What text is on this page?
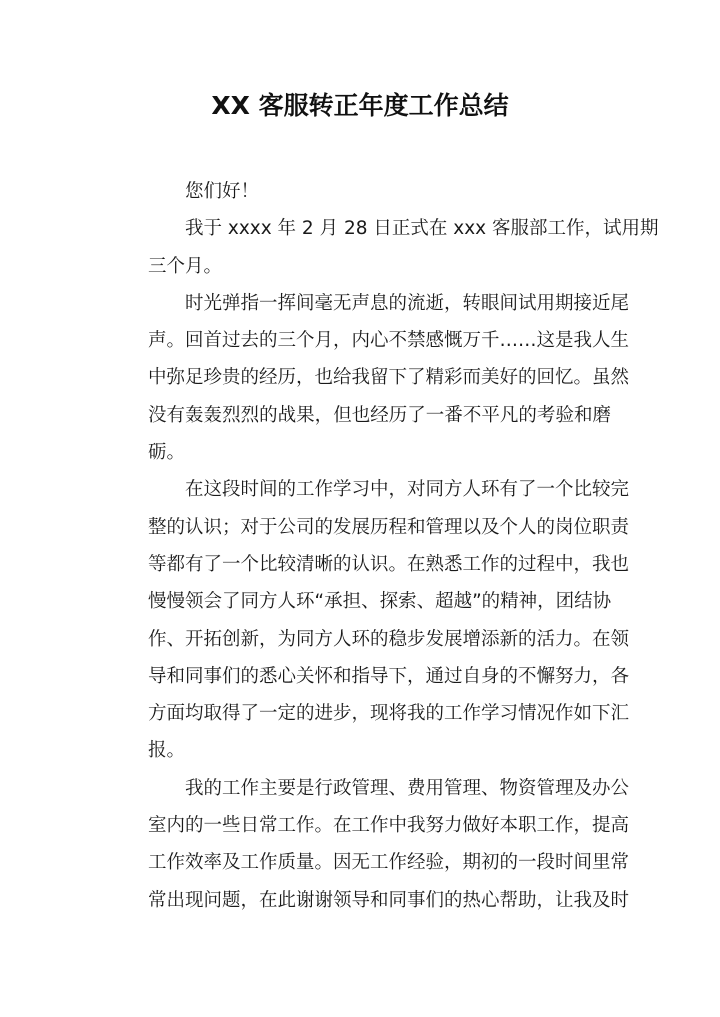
XX 客服转正年度工作总结
您们好！
我于 xxxx 年 2 月 28 日正式在 xxx 客服部工作，试用期
三个月。
时光弹指一挥间毫无声息的流逝，转眼间试用期接近尾
声。回首过去的三个月，内心不禁感慨万千……这是我人生
中弥足珍贵的经历，也给我留下了精彩而美好的回忆。虽然
没有轰轰烈烈的战果，但也经历了一番不平凡的考验和磨
砺。
在这段时间的工作学习中，对同方人环有了一个比较完
整的认识；对于公司的发展历程和管理以及个人的岗位职责
等都有了一个比较清晰的认识。在熟悉工作的过程中，我也
慢慢领会了同方人环“承担、探索、超越”的精神，团结协
作、开拓创新，为同方人环的稳步发展增添新的活力。在领
导和同事们的悉心关怀和指导下，通过自身的不懈努力，各
方面均取得了一定的进步，现将我的工作学习情况作如下汇
报。
我的工作主要是行政管理、费用管理、物资管理及办公
室内的一些日常工作。在工作中我努力做好本职工作，提高
工作效率及工作质量。因无工作经验，期初的一段时间里常
常出现问题，在此谢谢领导和同事们的热心帮助，让我及时
